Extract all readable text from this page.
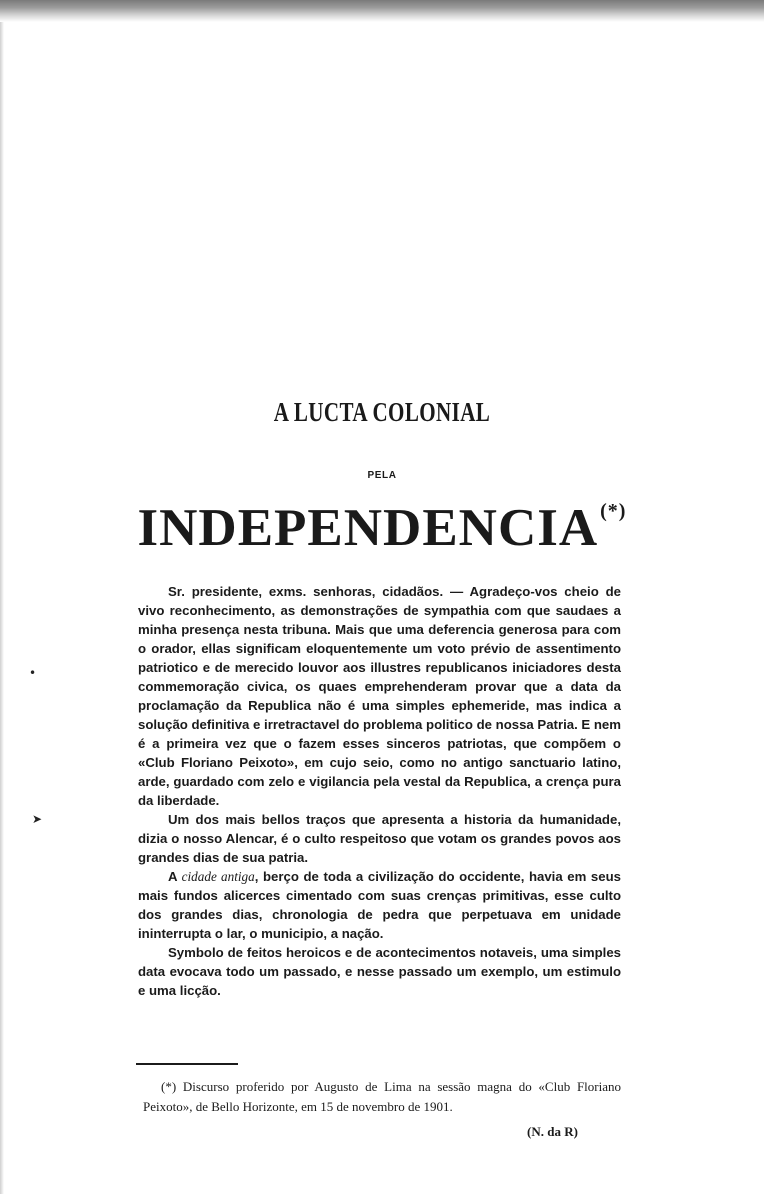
•
➤
A LUCTA COLONIAL
PELA
INDEPENDENCIA (*)

Sr. presidente, exms. senhoras, cidadãos. — Agradeço-vos cheio de vivo reconhecimento, as demonstrações de sympathia com que saudaes a minha presença nesta tribuna. Mais que uma deferencia generosa para com o orador, ellas significam eloquentemente um voto prévio de assentimento patriotico e de merecido louvor aos illustres republicanos iniciadores desta commemoração civica, os quaes emprehenderam provar que a data da proclamação da Republica não é uma simples ephemeride, mas indica a solução definitiva e irretractavel do problema politico de nossa Patria. E nem é a primeira vez que o fazem esses sinceros patriotas, que compõem o «Club Floriano Peixoto», em cujo seio, como no antigo sanctuario latino, arde, guardado com zelo e vigilancia pela vestal da Republica, a crença pura da liberdade.

Um dos mais bellos traços que apresenta a historia da humanidade, dizia o nosso Alencar, é o culto respeitoso que votam os grandes povos aos grandes dias de sua patria.

A cidade antiga, berço de toda a civilização do occidente, havia em seus mais fundos alicerces cimentado com suas crenças primitivas, esse culto dos grandes dias, chronologia de pedra que perpetuava em unidade ininterrupta o lar, o municipio, a nação.

Symbolo de feitos heroicos e de acontecimentos notaveis, uma simples data evocava todo um passado, e nesse passado um exemplo, um estimulo e uma licção.

(*) Discurso proferido por Augusto de Lima na sessão magna do «Club Floriano Peixoto», de Bello Horizonte, em 15 de novembro de 1901.
(N. da R)
